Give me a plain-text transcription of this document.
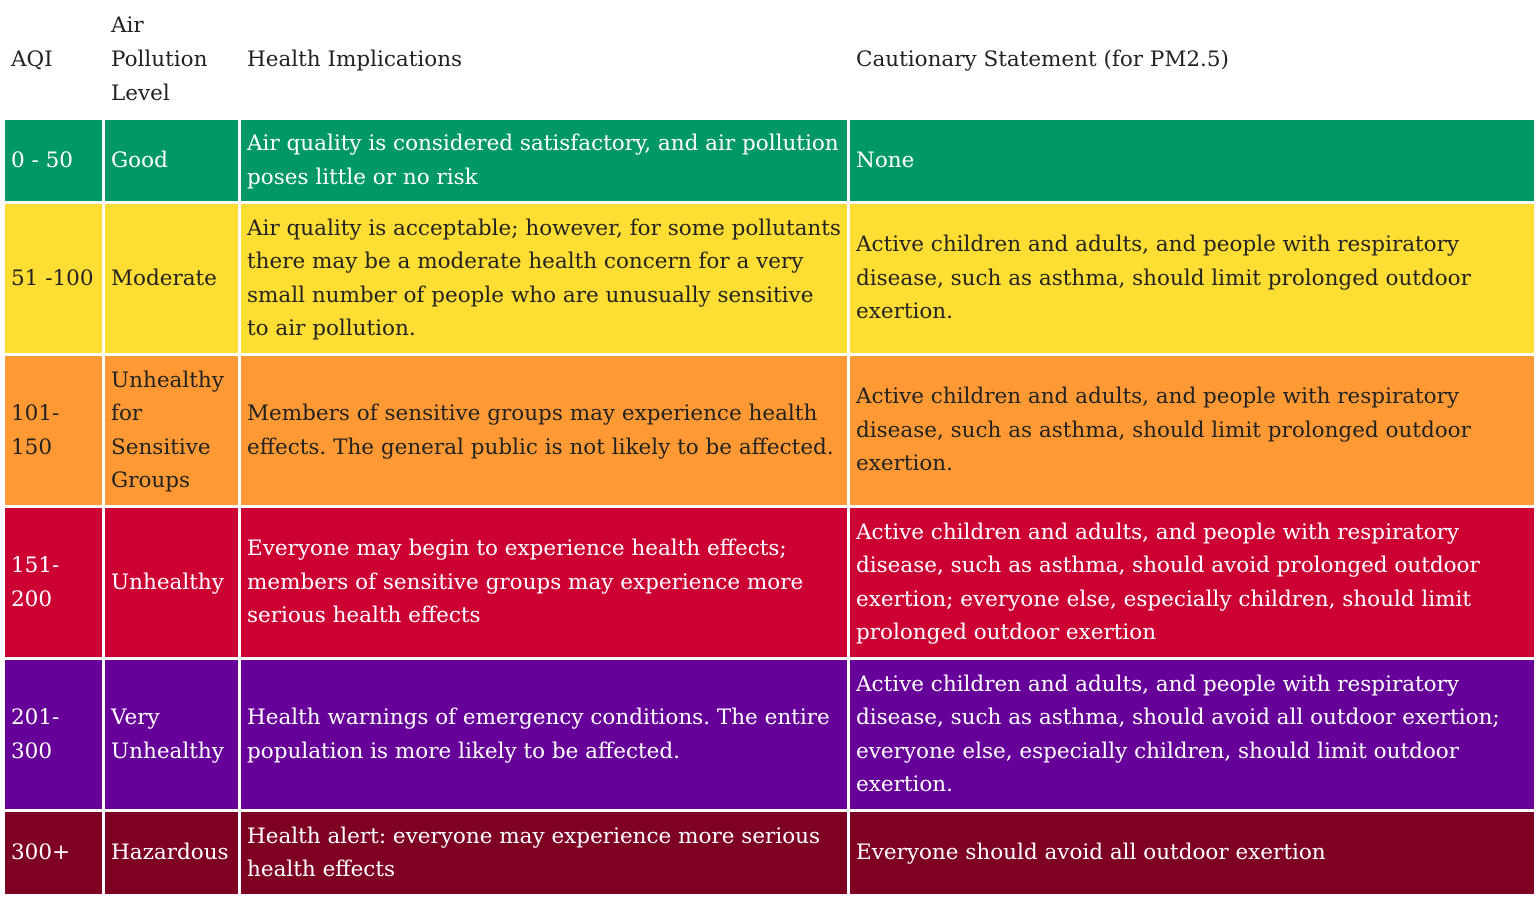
AQI	Air Pollution Level	Health Implications	Cautionary Statement (for PM2.5)
0 - 50	Good	Air quality is considered satisfactory, and air pollution poses little or no risk	None
51 -100	Moderate	Air quality is acceptable; however, for some pollutants there may be a moderate health concern for a very small number of people who are unusually sensitive to air pollution.	Active children and adults, and people with respiratory disease, such as asthma, should limit prolonged outdoor exertion.
101-150	Unhealthy for Sensitive Groups	Members of sensitive groups may experience health effects. The general public is not likely to be affected.	Active children and adults, and people with respiratory disease, such as asthma, should limit prolonged outdoor exertion.
151-200	Unhealthy	Everyone may begin to experience health effects; members of sensitive groups may experience more serious health effects	Active children and adults, and people with respiratory disease, such as asthma, should avoid prolonged outdoor exertion; everyone else, especially children, should limit prolonged outdoor exertion
201-300	Very Unhealthy	Health warnings of emergency conditions. The entire population is more likely to be affected.	Active children and adults, and people with respiratory disease, such as asthma, should avoid all outdoor exertion; everyone else, especially children, should limit outdoor exertion.
300+	Hazardous	Health alert: everyone may experience more serious health effects	Everyone should avoid all outdoor exertion
